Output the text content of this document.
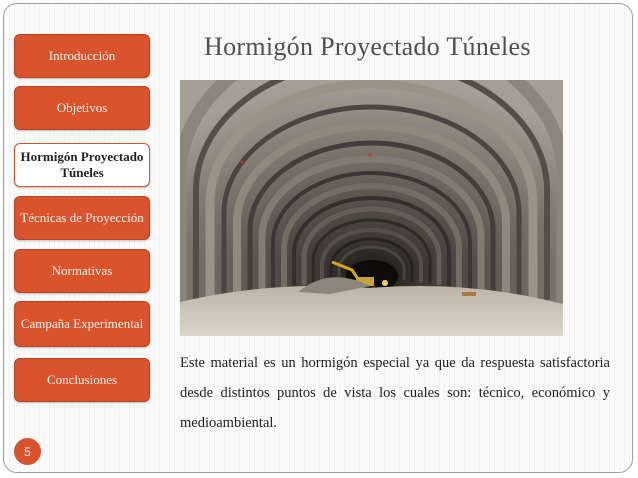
Introducción
Objetivos
Hormigón Proyectado Túneles
Técnicas de Proyección
Normativas
Campaña Experimental
Conclusiones
Hormigón Proyectado Túneles
Este material es un hormigón especial ya que da respuesta satisfactoria desde distintos puntos de vista los cuales son: técnico, económico y medioambiental.
5
